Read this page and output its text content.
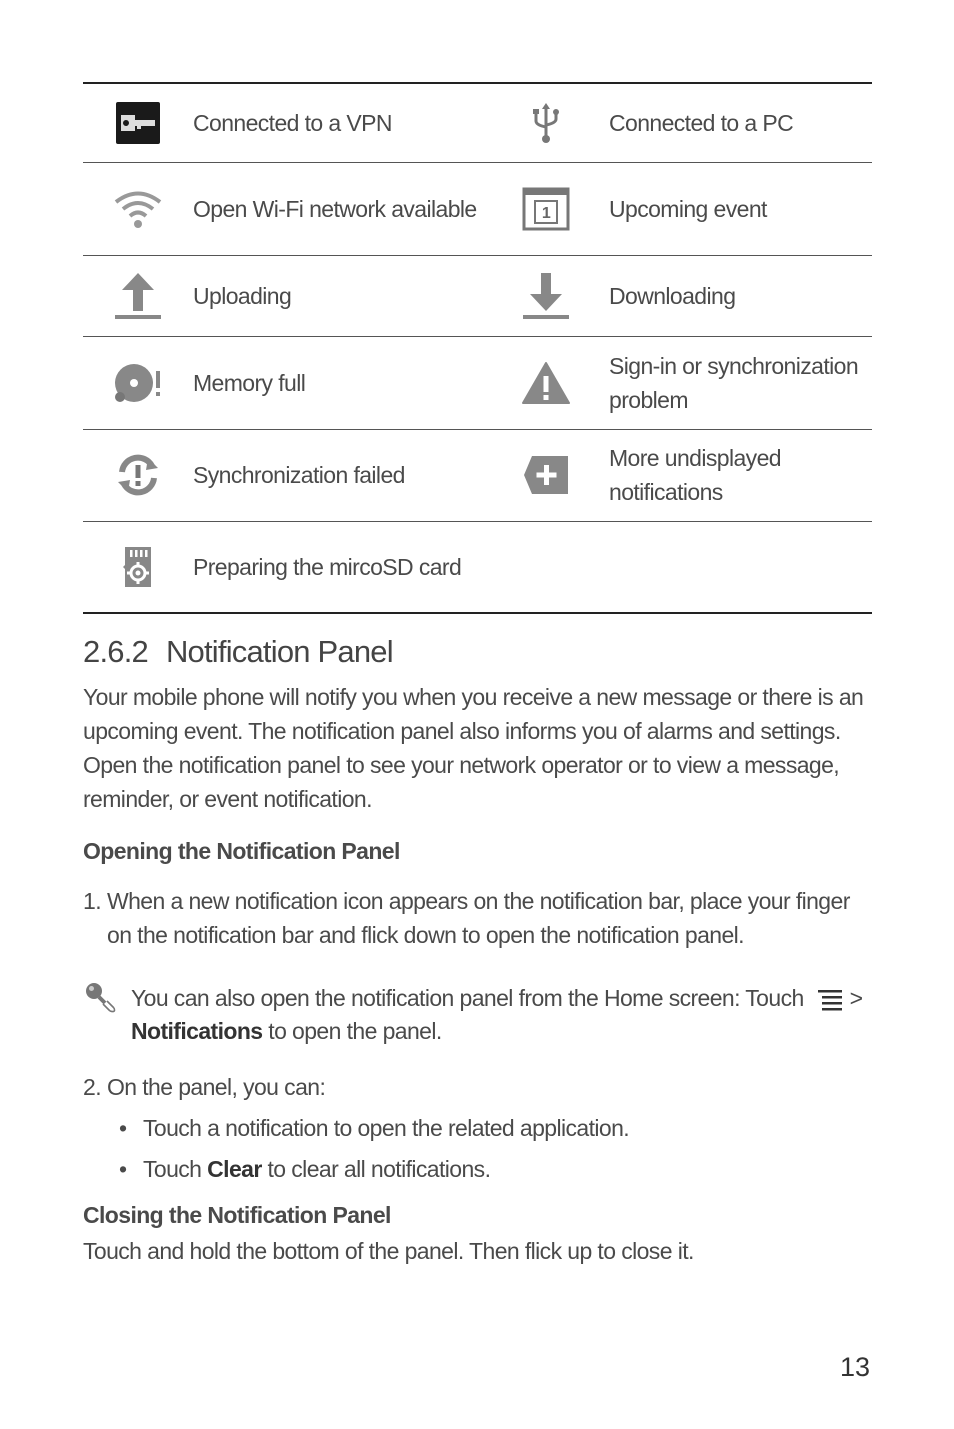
	Connected to a VPN		Connected to a PC
	Open Wi-Fi network available	1	Upcoming event
	Uploading		Downloading
	Memory full		Sign-in or synchronization problem
	Synchronization failed		More undisplayed notifications
	Preparing the mircoSD card		
2.6.2 Notification Panel

Your mobile phone will notify you when you receive a new message or there is an upcoming event. The notification panel also informs you of alarms and settings. Open the notification panel to see your network operator or to view a message, reminder, or event notification.

Opening the Notification Panel
1. When a new notification icon appears on the notification bar, place your finger on the notification bar and flick down to open the notification panel.
You can also open the notification panel from the Home screen: Touch >
Notifications to open the panel.
2. On the panel, you can:
• Touch a notification to open the related application.
• Touch Clear to clear all notifications.
Closing the Notification Panel

Touch and hold the bottom of the panel. Then flick up to close it.

13
